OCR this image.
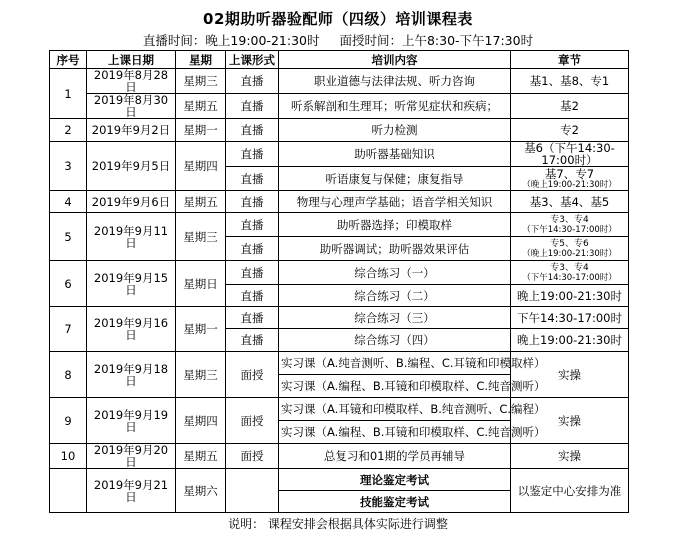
02期助听器验配师（四级）培训课程表
直播时间：晚上19:00-21:30时 面授时间：上午8:30-下午17:30时
序号	上课日期	星期	上课形式	培训内容	章节
1	2019年8月28日	星期三	直播	职业道德与法律法规、听力咨询	基1、基8、专1
	2019年8月30日	星期五	直播	听系解剖和生理耳；听常见症状和疾病；	基2
2	2019年9月2日	星期一	直播	听力检测	专2
3	2019年9月5日	星期四	直播	助听器基础知识	基6（下午14:30-17:00时）
			直播	听语康复与保健；康复指导	基7、专7
（晚上19:00-21:30时）

4	2019年9月6日	星期五	直播	物理与心理声学基础；语音学相关知识	基3、基4、基5
5	2019年9月11日	星期三	直播	助听器选择；印模取样	专3、专4
（下午14:30-17:00时）

			直播	助听器调试；助听器效果评估	专5、专6
（晚上19:00-21:30时）

6	2019年9月15日	星期日	直播	综合练习（一）	专3、专4
（下午14:30-17:00时）

			直播	综合练习（二）	晚上19:00-21:30时
7	2019年9月16日	星期一	直播	综合练习（三）	下午14:30-17:00时
			直播	综合练习（四）	晚上19:00-21:30时
8	2019年9月18日	星期三	面授	实习课（A.纯音测听、B.编程、C.耳镜和印模取样）	实操
				实习课（A.编程、B.耳镜和印模取样、C.纯音测听）	
9	2019年9月19日	星期四	面授	实习课（A.耳镜和印模取样、B.纯音测听、C.编程）	实操
				实习课（A.编程、B.耳镜和印模取样、C.纯音测听）	
10	2019年9月20日	星期五	面授	总复习和01期的学员再辅导	实操
	2019年9月21日	星期六		理论鉴定考试	以鉴定中心安排为准
				技能鉴定考试	
说明： 课程安排会根据具体实际进行调整
